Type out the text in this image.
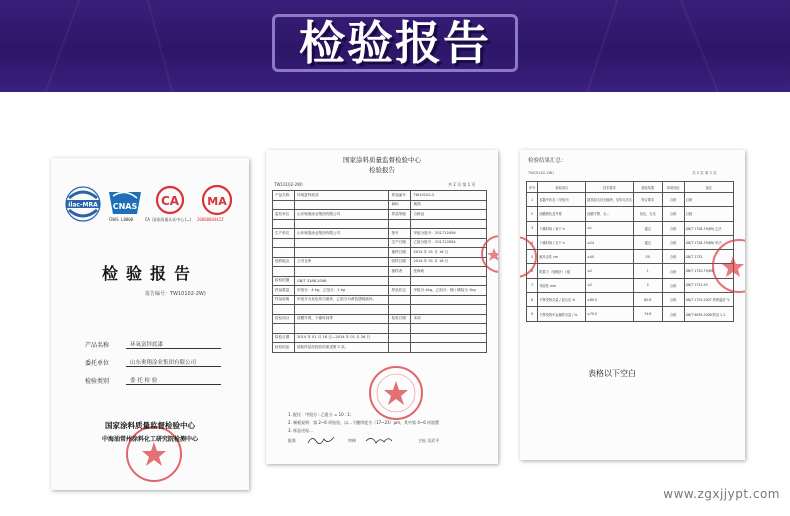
检验报告
ilac-MRA CNAS
CNAS L0800
CA
CA 国家质量认证中心(…)
MA
2008000442Z
检验报告
报告编号：TW10102-2W)
产品名称	环氧富锌底漆
委托单位	山东奥翔涂业集团有限公司
检验类别	委 托 检 验
国家涂料质量监督检验中心
中海油常州涂料化工研究院检测中心
国家涂料质量监督检验中心
检验报告
TW10102-2W)	共 2 页 第 1 页
产品名称	环氧富锌底漆	样品编号	TW10102-2
		商标	奥翔
委托单位	山东奥翔涂业集团有限公司	样品等级	合格品

生产单位	山东奥翔涂业集团有限公司	批号	甲组分批号：201712456
		生产日期	乙组分批号：201712634
		抽样日期	2014 年 01 月 16 日
抽样地点	公司仓库	收样日期	2014 年 01 月 16 日
		抽样者	张海莉
检验依据	GB/T 3186-2006		
样品数量	甲组分：4 kg，乙组分：1 kg	样品状态	甲组分 4kg，乙组分：桶 / 桶装为 1kg
样品说明	甲组分为灰色均匀液体，乙组分为黄色透明液体。		

检验项目	漆膜外观、干燥时间等	检验日期	本项

检验日期	2014 年 01 月 16 日—2014 年 01 月 26 日		
检验结论	抽检样品经检验结果见第 2 页。		
1. 配比：甲组分 ∶ 乙组分 = 10 ∶ 1；
2. 制板说明：第 2~6 项检验，以…干膜厚度为（17~23）μm，其中第 4~6 项放置
3. 样品送检…
批准	审核	主检 吴武平
检验结果汇总：
TW10102-2W)	共 2 页 第 2 页
序号	检验项目	技术要求	检验结果	单项结论	备注
1	容器中状态（甲组分）	搅拌混合后无硬块，呈均匀状态	符合要求	合格	目测
2	涂膜颜色及外观	涂膜平整、无…	灰色，无光	合格	目测
3	干燥时间 / 表干 h	≤1	通过	合格	GB/T 1728-79(89) 乙法
4	干燥时间 / 实干 h	≤24	通过	合格	GB/T 1728-79(89) 甲法
5	耐冲击性 cm	≥40	50	合格	GB/T 1732
6	附着力（划圈法）/ 级	≤2	1	合格	GB/T 1720-79(89)
7	弯曲性 mm	≤2	2	合格	GB/T 1731-93
8	不挥发物含量 / 混合后 %	≥80.0	80.8	合格	GB/T 1725-2007 烘烤温度 ℃
9	不挥发物中金属锌含量 / %	≥70.0	74.6	合格	GB/T 9839-2008 附录 1.1
表格以下空白
www.zgxjjypt.com
